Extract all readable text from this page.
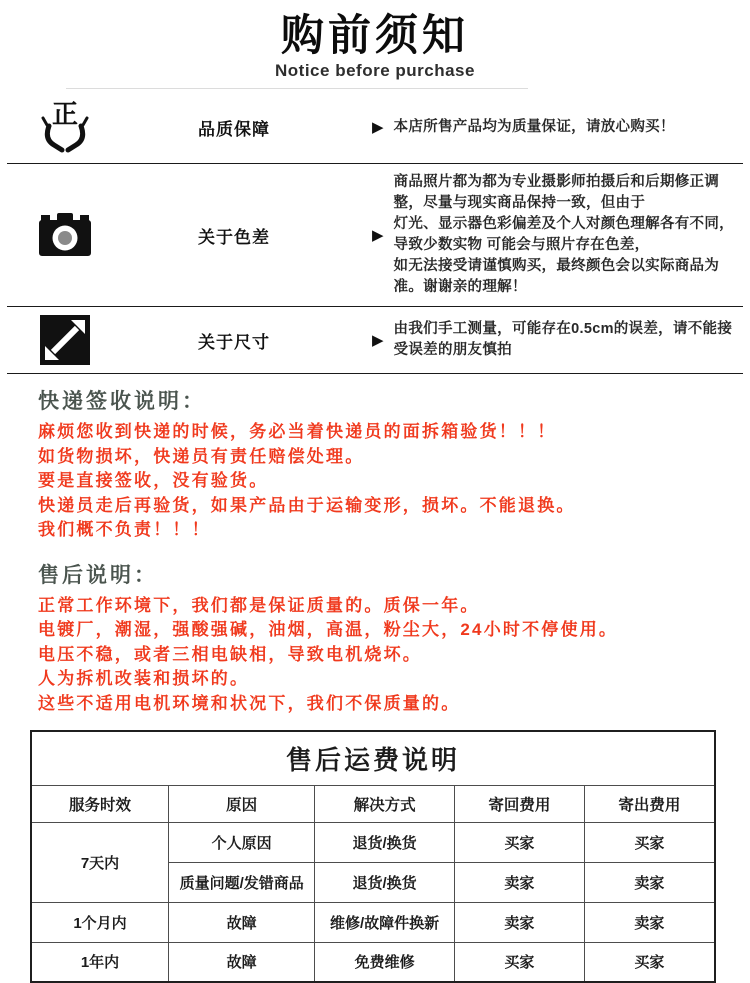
购前须知
Notice before purchase
正	品质保障	▶ 本店所售产品均为质量保证，请放心购买！
关于色差	▶
商品照片都为都为专业摄影师拍摄后和后期修正调整，尽量与现实商品保持一致，但由于
灯光、显示器色彩偏差及个人对颜色理解各有不同，导致少数实物 可能会与照片存在色差，
如无法接受请谨慎购买，最终颜色会以实际商品为准。谢谢亲的理解！
关于尺寸	▶
由我们手工测量，可能存在0.5cm的误差，请不能接受误差的朋友慎拍
快递签收说明：
麻烦您收到快递的时候，务必当着快递员的面拆箱验货！！！
如货物损坏，快递员有责任赔偿处理。
要是直接签收，没有验货。
快递员走后再验货，如果产品由于运输变形，损坏。不能退换。
我们概不负责！！！
售后说明：
正常工作环境下，我们都是保证质量的。质保一年。
电镀厂，潮湿，强酸强碱，油烟，高温，粉尘大，24小时不停使用。
电压不稳，或者三相电缺相，导致电机烧坏。
人为拆机改装和损坏的。
这些不适用电机环境和状况下，我们不保质量的。
售后运费说明				
服务时效	原因	解决方式	寄回费用	寄出费用
7天内	个人原因	退货/换货	买家	买家
	质量问题/发错商品	退货/换货	卖家	卖家
1个月内	故障	维修/故障件换新	卖家	卖家
1年内	故障	免费维修	买家	买家
